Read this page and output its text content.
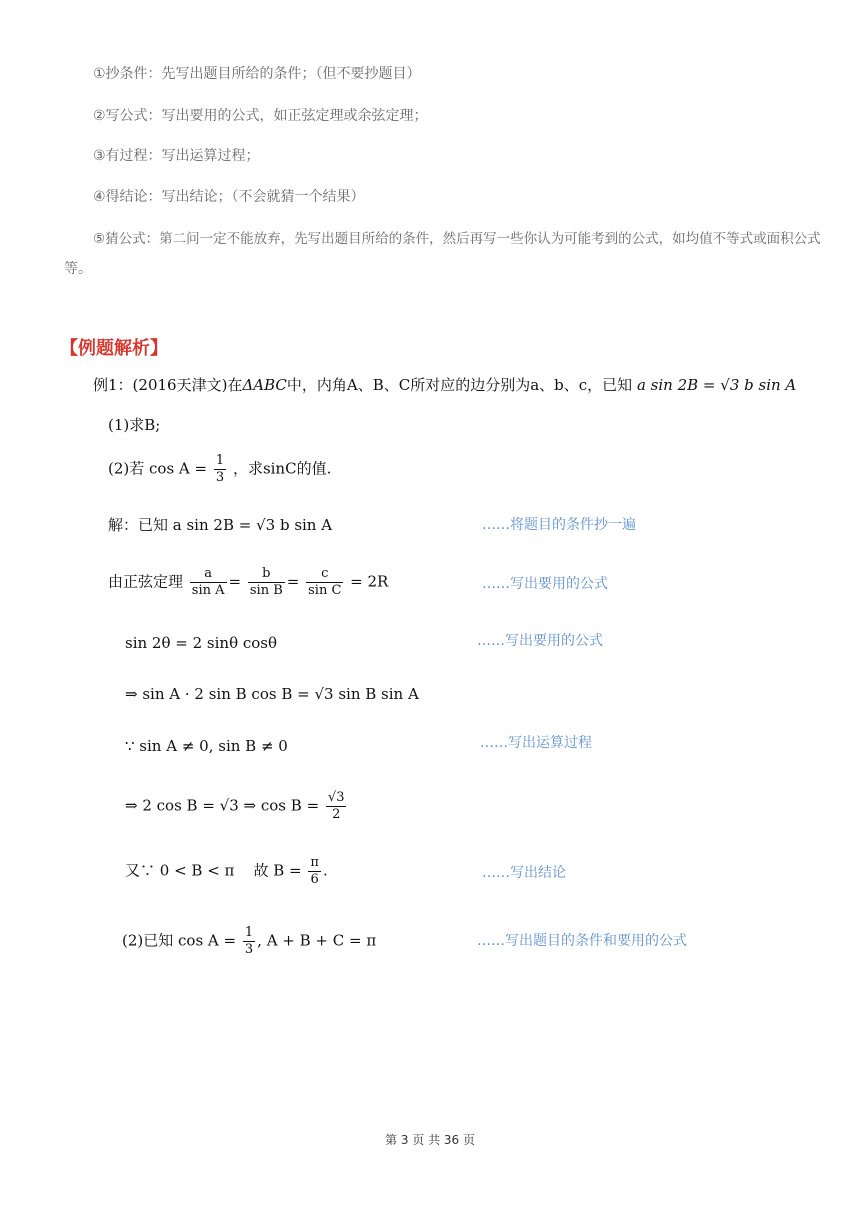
①抄条件：先写出题目所给的条件；（但不要抄题目）
②写公式：写出要用的公式，如正弦定理或余弦定理；
③有过程：写出运算过程；
④得结论：写出结论；（不会就猜一个结果）
⑤猜公式：第二问一定不能放弃，先写出题目所给的条件，然后再写一些你认为可能考到的公式，如均值不等式或面积公式
等。
【例题解析】
例1：(2016天津文)在ΔABC中，内角A、B、C所对应的边分别为a、b、c，已知 a sin 2B = √3 b sin A
(1)求B;
(2)若 $\cos A = \frac{1}{3}$ ，求sinC的值.
解：已知 a sin 2B = √3 b sin A	……将题目的条件抄一遍
由正弦定理 $\frac{a}{\text{sin A}} = \frac{b}{\text{sin B}} = \frac{c}{\text{sin C}} = 2R$	……写出要用的公式
sin 2θ = 2 sinθ cosθ	……写出要用的公式
⇒ sin A · 2 sin B cos B = √3 sin B sin A
∵ sin A ≠ 0, sin B ≠ 0	……写出运算过程
⇒ 2 cos B = √3 ⇒ $\cos B = \frac{√3}{2}$
又∵ 0 < B < π    故 $B = \frac{\pi}{6}$ .	……写出结论
(2)已知 $\cos A = \frac{1}{3}$ , A + B + C = π	……写出题目的条件和要用的公式
第 3 页 共 36 页
